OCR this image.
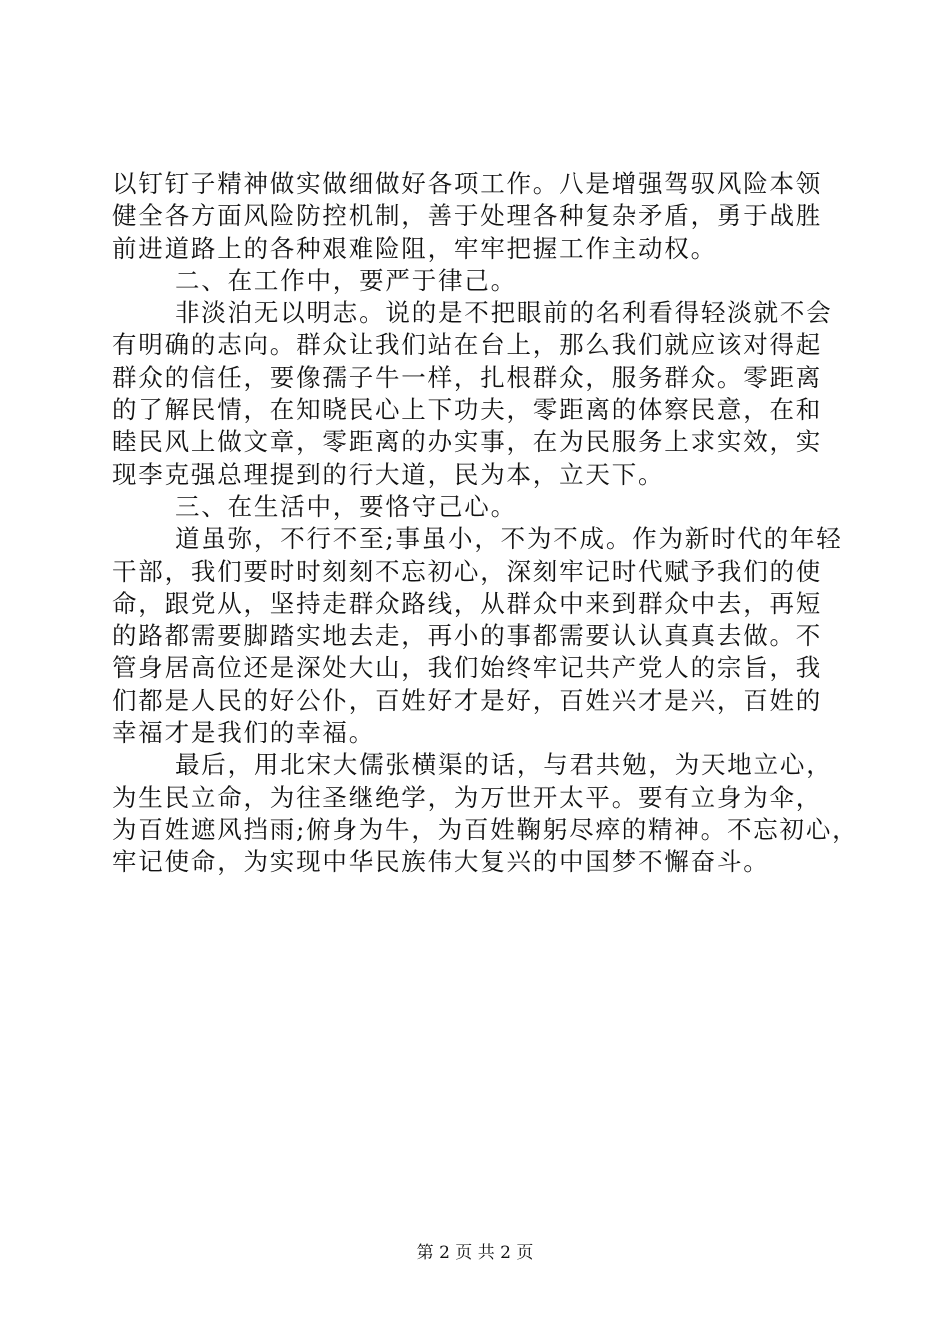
以钉钉子精神做实做细做好各项工作。八是增强驾驭风险本领
健全各方面风险防控机制，善于处理各种复杂矛盾，勇于战胜
前进道路上的各种艰难险阻，牢牢把握工作主动权。
二、在工作中，要严于律己。
非淡泊无以明志。说的是不把眼前的名利看得轻淡就不会
有明确的志向。群众让我们站在台上，那么我们就应该对得起
群众的信任，要像孺子牛一样，扎根群众，服务群众。零距离
的了解民情，在知晓民心上下功夫，零距离的体察民意，在和
睦民风上做文章，零距离的办实事，在为民服务上求实效，实
现李克强总理提到的行大道，民为本，立天下。
三、在生活中，要恪守己心。
道虽弥，不行不至;事虽小，不为不成。作为新时代的年轻
干部，我们要时时刻刻不忘初心，深刻牢记时代赋予我们的使
命，跟党从，坚持走群众路线，从群众中来到群众中去，再短
的路都需要脚踏实地去走，再小的事都需要认认真真去做。不
管身居高位还是深处大山，我们始终牢记共产党人的宗旨，我
们都是人民的好公仆，百姓好才是好，百姓兴才是兴，百姓的
幸福才是我们的幸福。
最后，用北宋大儒张横渠的话，与君共勉，为天地立心，
为生民立命，为往圣继绝学，为万世开太平。要有立身为伞，
为百姓遮风挡雨;俯身为牛，为百姓鞠躬尽瘁的精神。不忘初心，
牢记使命，为实现中华民族伟大复兴的中国梦不懈奋斗。
第 2 页 共 2 页
